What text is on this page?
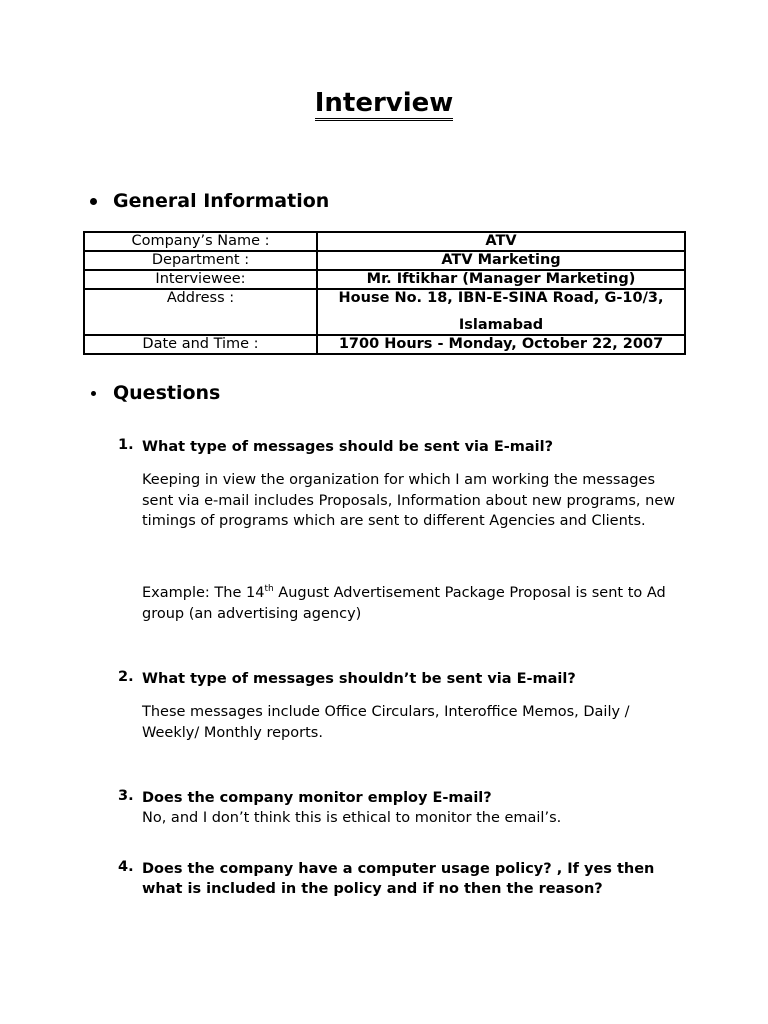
Interview
General Information
Company’s Name :	ATV
Department :	ATV Marketing
Interviewee:	Mr. Iftikhar (Manager Marketing)
Address :	House No. 18, IBN-E-SINA Road, G-10/3,
Islamabad

Date and Time :	1700 Hours - Monday, October 22, 2007
Questions
1. What type of messages should be sent via E-mail?
Keeping in view the organization for which I am working the messages sent via e-mail includes Proposals, Information about new programs, new timings of programs which are sent to different Agencies and Clients.
Example: The 14th August Advertisement Package Proposal is sent to Ad group (an advertising agency)
2. What type of messages shouldn’t be sent via E-mail?
These messages include Office Circulars, Interoffice Memos, Daily / Weekly/ Monthly reports.
3. Does the company monitor employ E-mail?
No, and I don’t think this is ethical to monitor the email’s.
4. Does the company have a computer usage policy? , If yes then what is included in the policy and if no then the reason?
